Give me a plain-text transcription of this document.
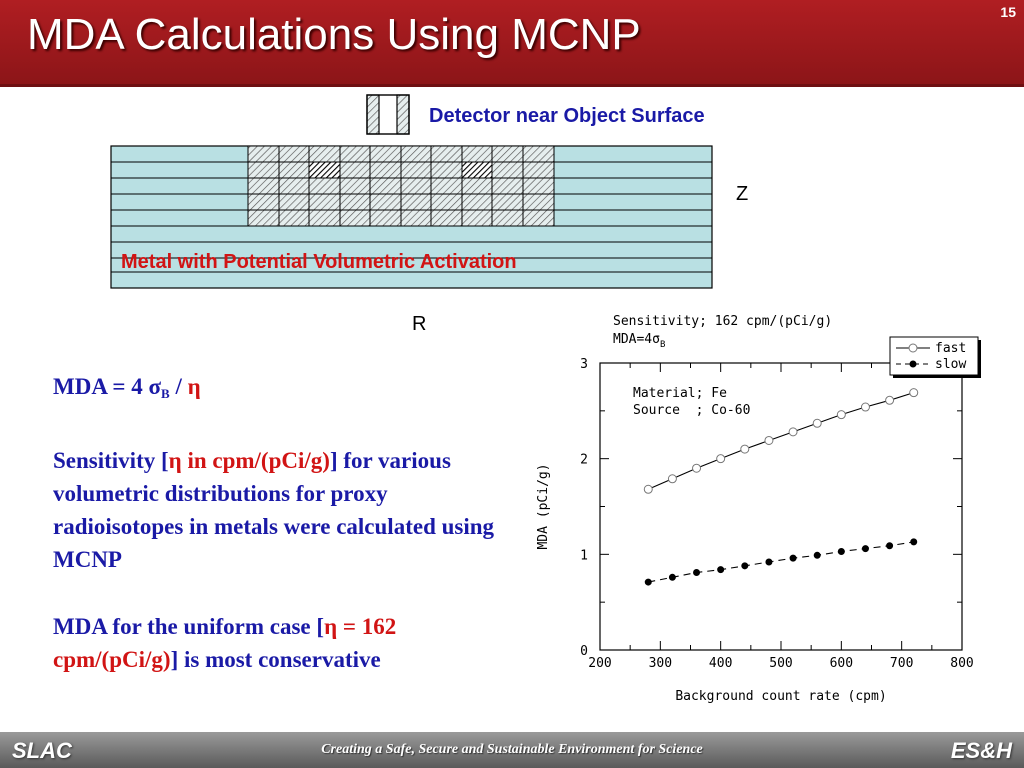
MDA Calculations Using MCNP	15
Detector near Object Surface
Metal with Potential Volumetric Activation
Z
R

MDA = 4 $\sigma_B$ / η

Sensitivity [η in cpm/(pCi/g)] for various volumetric distributions for proxy radioisotopes in metals were calculated using MCNP

MDA for the uniform case [η = 162 cpm/(pCi/g)] is most conservative

Sensitivity; 162 cpm/(pCi/g)
$MDA=4\sigma_B$
200	300	400	500	600	700	800
0
1
2
3
Background count rate (cpm)
MDA (pCi/g)
Material; Fe
Source  ; Co-60
fast
slow
SLAC	Creating a Safe, Secure and Sustainable Environment for Science	ES&H
